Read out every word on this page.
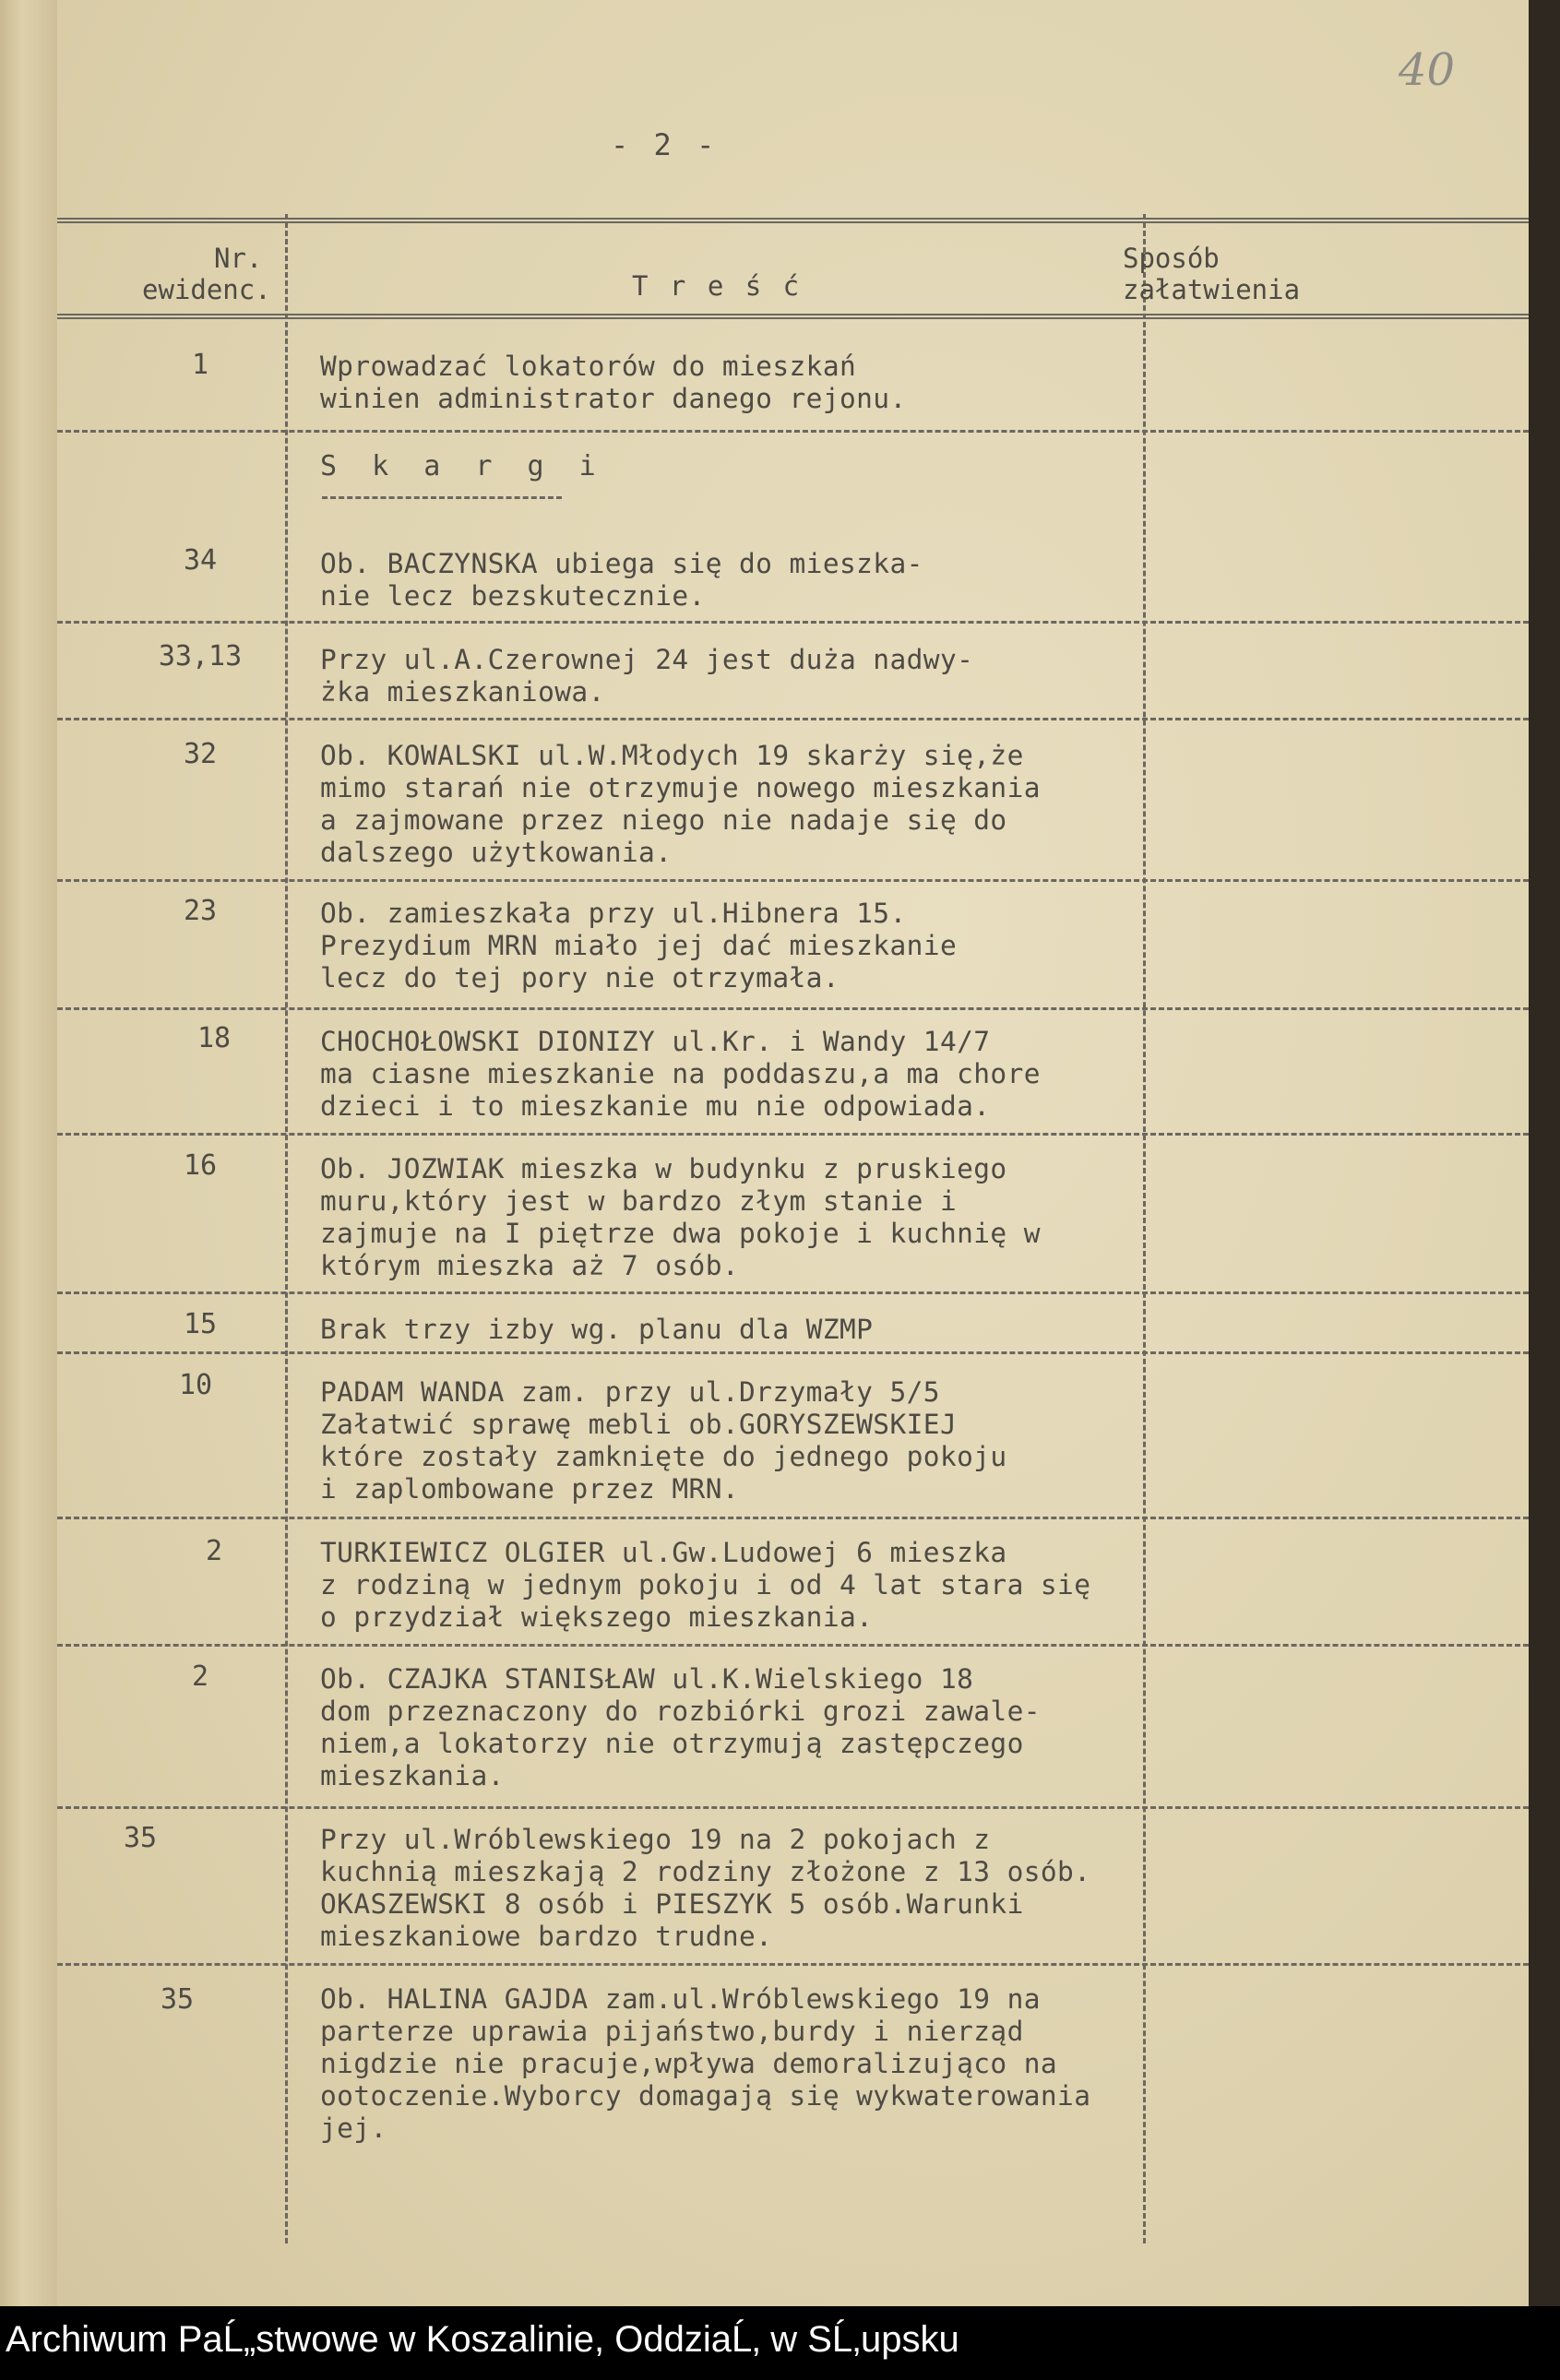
40
- 2 -
Nr.
ewidenc.	T r e ś ć
Sposób
załatwienia
1	Wprowadzać lokatorów do mieszkań
winien administrator danego rejonu.
S k a r g i
34	Ob. BACZYNSKA ubiega się do mieszka-
nie lecz bezskutecznie.
33,13	Przy ul.A.Czerownej 24 jest duża nadwy-
żka mieszkaniowa.
32	Ob. KOWALSKI ul.W.Młodych 19 skarży się,że
mimo starań nie otrzymuje nowego mieszkania
a zajmowane przez niego nie nadaje się do
dalszego użytkowania.
23	Ob. zamieszkała przy ul.Hibnera 15.
Prezydium MRN miało jej dać mieszkanie
lecz do tej pory nie otrzymała.
18	CHOCHOŁOWSKI DIONIZY ul.Kr. i Wandy 14/7
ma ciasne mieszkanie na poddaszu,a ma chore
dzieci i to mieszkanie mu nie odpowiada.
16	Ob. JOZWIAK mieszka w budynku z pruskiego
muru,który jest w bardzo złym stanie i
zajmuje na I piętrze dwa pokoje i kuchnię w
którym mieszka aż 7 osób.
15	Brak trzy izby wg. planu dla WZMP
10	PADAM WANDA zam. przy ul.Drzymały 5/5
Załatwić sprawę mebli ob.GORYSZEWSKIEJ
które zostały zamknięte do jednego pokoju
i zaplombowane przez MRN.
2	TURKIEWICZ OLGIER ul.Gw.Ludowej 6 mieszka
z rodziną w jednym pokoju i od 4 lat stara się
o przydział większego mieszkania.
2	Ob. CZAJKA STANISŁAW ul.K.Wielskiego 18
dom przeznaczony do rozbiórki grozi zawale-
niem,a lokatorzy nie otrzymują zastępczego
mieszkania.
35	Przy ul.Wróblewskiego 19 na 2 pokojach z
kuchnią mieszkają 2 rodziny złożone z 13 osób.
OKASZEWSKI 8 osób i PIESZYK 5 osób.Warunki
mieszkaniowe bardzo trudne.
35	Ob. HALINA GAJDA zam.ul.Wróblewskiego 19 na
parterze uprawia pijaństwo,burdy i nierząd
nigdzie nie pracuje,wpływa demoralizująco na
ootoczenie.Wyborcy domagają się wykwaterowania
jej.
Archiwum PaĹ„stwowe w Koszalinie, OddziaĹ‚ w SĹ‚upsku
